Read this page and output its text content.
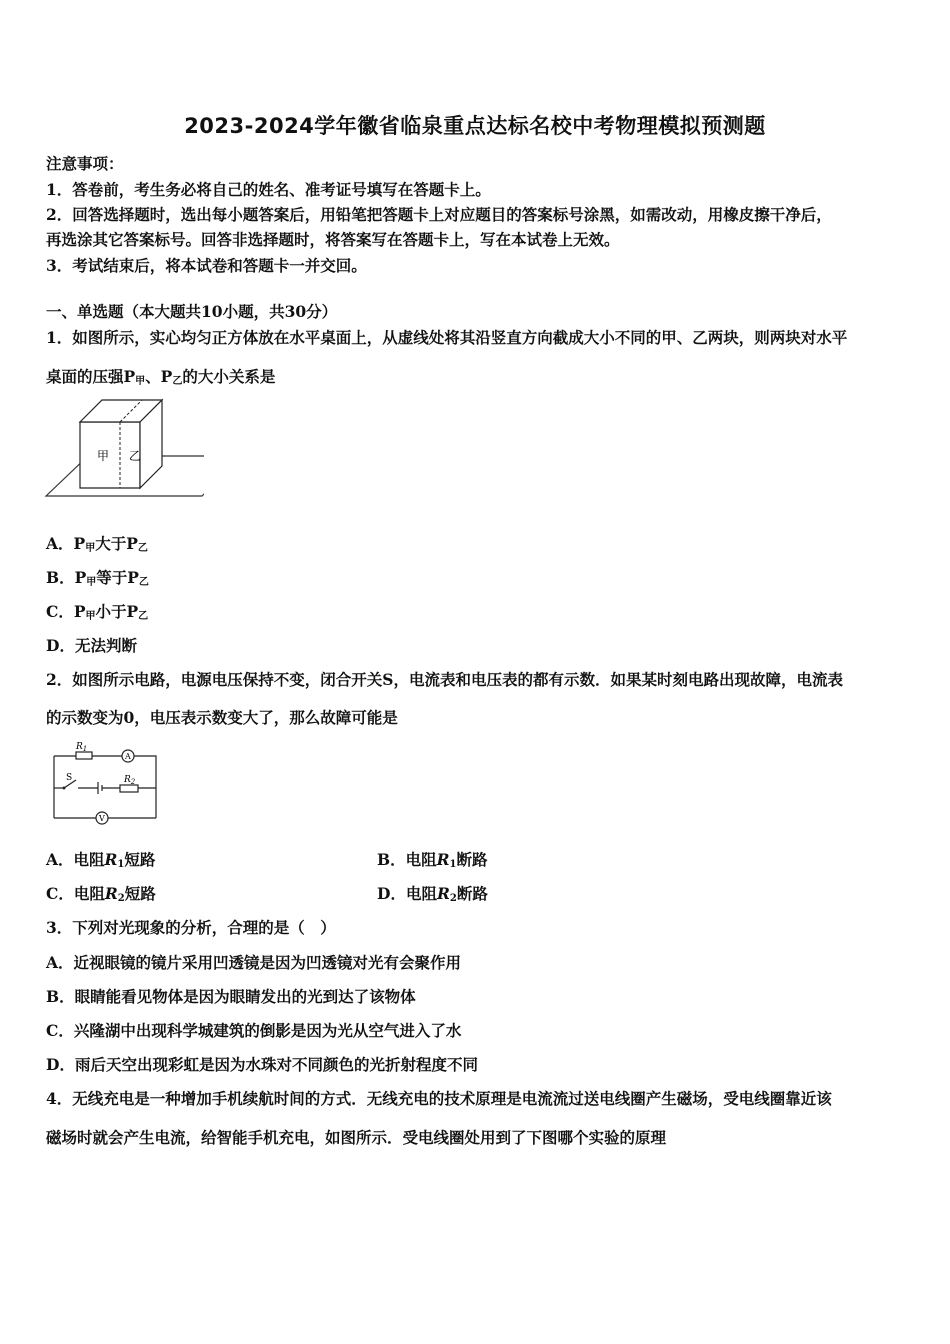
2023-2024学年徽省临泉重点达标名校中考物理模拟预测题
注意事项：
1．答卷前，考生务必将自己的姓名、准考证号填写在答题卡上。
2．回答选择题时，选出每小题答案后，用铅笔把答题卡上对应题目的答案标号涂黑，如需改动，用橡皮擦干净后，
再选涂其它答案标号。回答非选择题时，将答案写在答题卡上，写在本试卷上无效。
3．考试结束后，将本试卷和答题卡一并交回。
一、单选题（本大题共10小题，共30分）
1．如图所示，实心均匀正方体放在水平桌面上，从虚线处将其沿竖直方向截成大小不同的甲、乙两块，则两块对水平
桌面的压强$P_甲$、$P_乙$的大小关系是
甲 乙
A．$P_甲$大于$P_乙$
B．$P_甲$等于$P_乙$
C．$P_甲$小于$P_乙$
D．无法判断
2．如图所示电路，电源电压保持不变，闭合开关S，电流表和电压表的都有示数．如果某时刻电路出现故障，电流表
的示数变为0，电压表示数变大了，那么故障可能是
$R_1$
$R_2$
A
V
S
A．电阻$R_1$短路	B．电阻$R_1$断路
C．电阻$R_2$短路	D．电阻$R_2$断路
3．下列对光现象的分析，合理的是（　）
A．近视眼镜的镜片采用凹透镜是因为凹透镜对光有会聚作用
B．眼睛能看见物体是因为眼睛发出的光到达了该物体
C．兴隆湖中出现科学城建筑的倒影是因为光从空气进入了水
D．雨后天空出现彩虹是因为水珠对不同颜色的光折射程度不同
4．无线充电是一种增加手机续航时间的方式．无线充电的技术原理是电流流过送电线圈产生磁场，受电线圈靠近该
磁场时就会产生电流，给智能手机充电，如图所示．受电线圈处用到了下图哪个实验的原理
